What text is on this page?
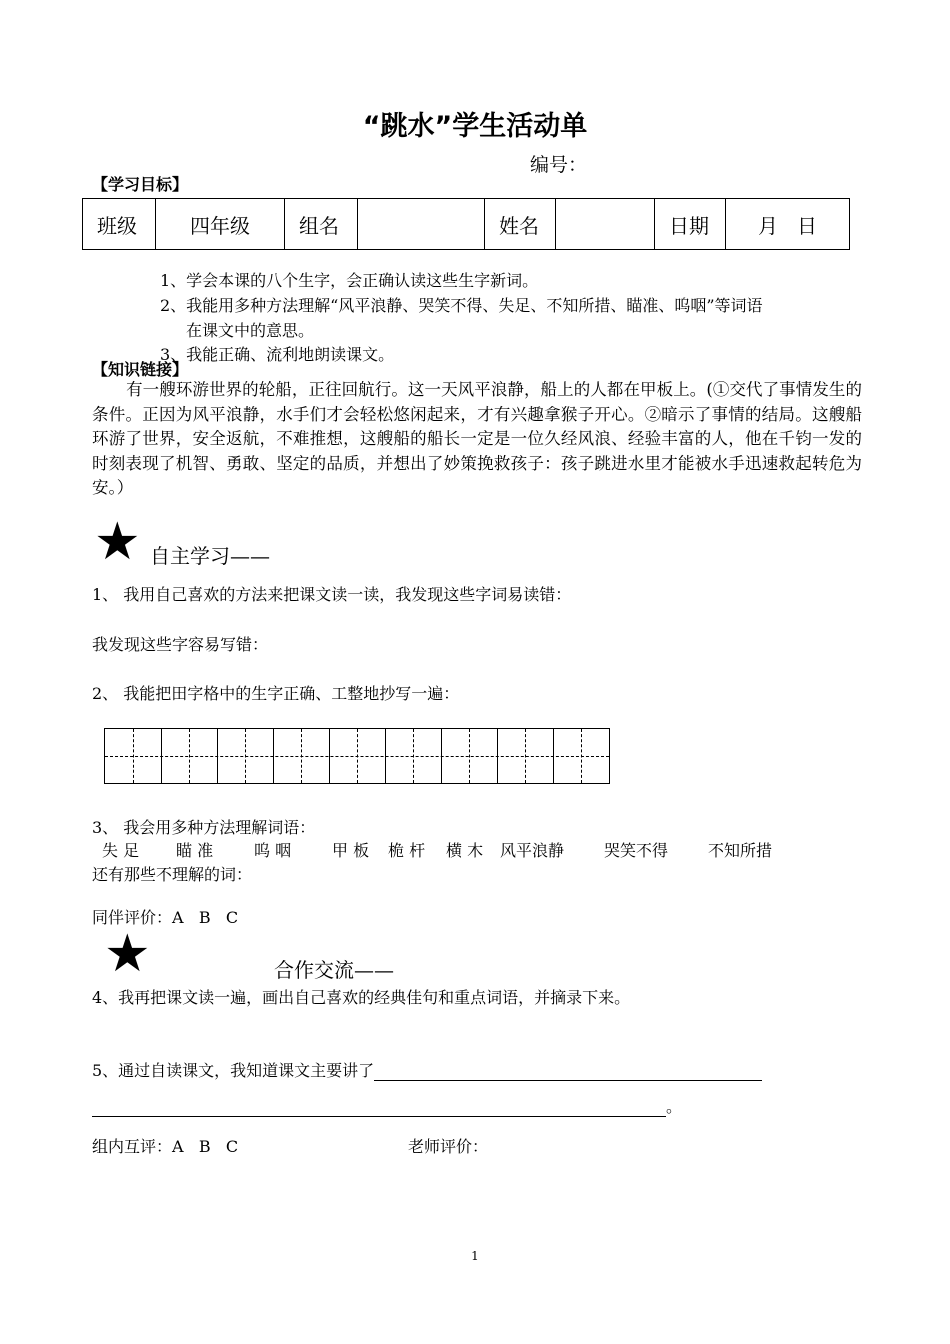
“跳水”学生活动单
编号：
【学习目标】
班级	四年级	组名		姓名		日期	月   日
1、学会本课的八个生字，会正确认读这些生字新词。
2、我能用多种方法理解“风平浪静、哭笑不得、失足、不知所措、瞄准、呜咽”等词语
在课文中的意思。
3、我能正确、流利地朗读课文。
【知识链接】
有一艘环游世界的轮船，正往回航行。这一天风平浪静，船上的人都在甲板上。(①交代了事情发生的条件。正因为风平浪静，水手们才会轻松悠闲起来，才有兴趣拿猴子开心。②暗示了事情的结局。这艘船环游了世界，安全返航，不难推想，这艘船的船长一定是一位久经风浪、经验丰富的人，他在千钧一发的时刻表现了机智、勇敢、坚定的品质，并想出了妙策挽救孩子：孩子跳进水里才能被水手迅速救起转危为安。）
★ 自主学习——
1、 我用自己喜欢的方法来把课文读一读，我发现这些字词易读错：
我发现这些字容易写错：
2、 我能把田字格中的生字正确、工整地抄写一遍：
3、 我会用多种方法理解词语：
失 足 瞄 准	呜 咽	甲 板 桅 杆 横 木 风平浪静 哭笑不得 不知所措
还有那些不理解的词：
同伴评价：A   B   C
★	合作交流——
4、我再把课文读一遍，画出自己喜欢的经典佳句和重点词语，并摘录下来。
5、通过自读课文，我知道课文主要讲了
。
组内互评：A   B   C	老师评价：
1
